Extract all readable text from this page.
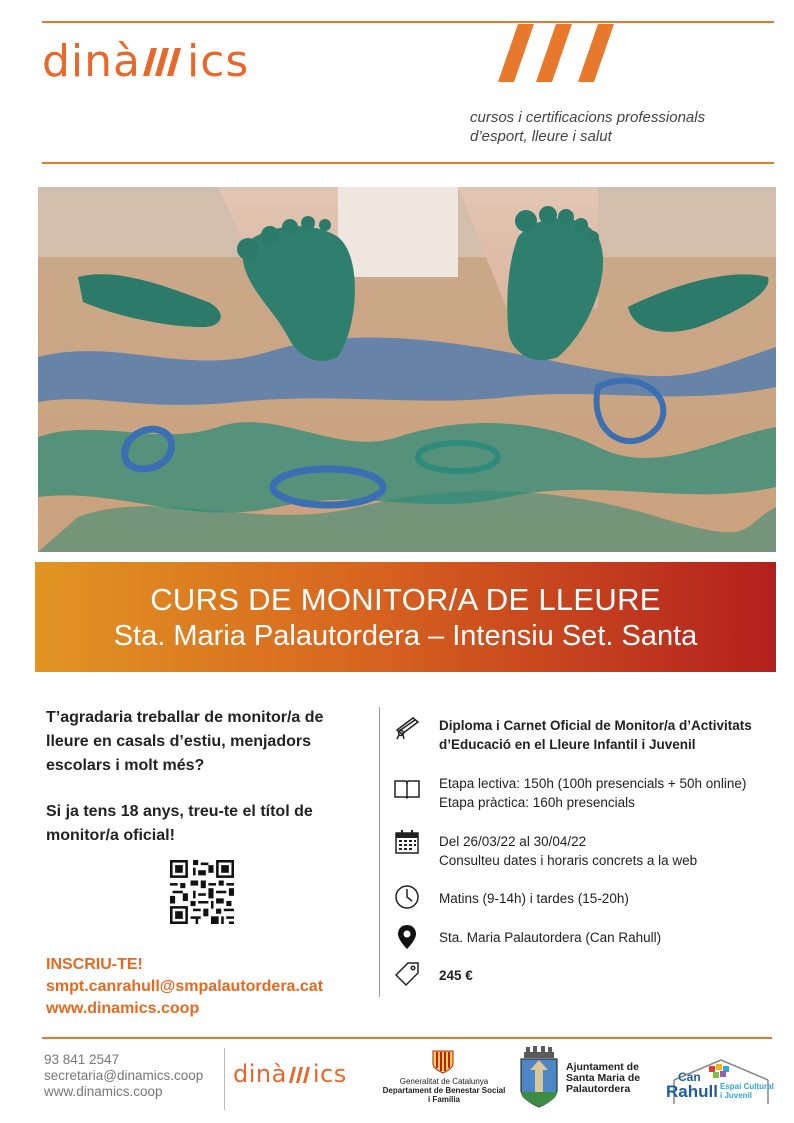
dinà ics
cursos i certificacions professionals
d’esport, lleure i salut
CURS DE MONITOR/A DE LLEURE
Sta. Maria Palautordera – Intensiu Set. Santa
T’agradaria treballar de monitor/a de lleure en casals d’estiu, menjadors escolars i molt més?
Si ja tens 18 anys, treu-te el títol de monitor/a oficial!
INSCRIU-TE!
smpt.canrahull@smpalautordera.cat
www.dinamics.coop
Diploma i Carnet Oficial de Monitor/a d’Activitats
d’Educació en el Lleure Infantil i Juvenil
Etapa lectiva: 150h (100h presencials + 50h online)
Etapa pràctica: 160h presencials
Del 26/03/22 al 30/04/22
Consulteu dates i horaris concrets a la web
Matins (9-14h) i tardes (15-20h)
Sta. Maria Palautordera (Can Rahull)
245 €
93 841 2547
secretaria@dinamics.coop
www.dinamics.coop
dinà ics	Generalitat de Catalunya
Departament de Benestar Social
i Família
Ajuntament de
Santa Maria de
Palautordera
Can
Rahull Espai Cultural
i Juvenil
